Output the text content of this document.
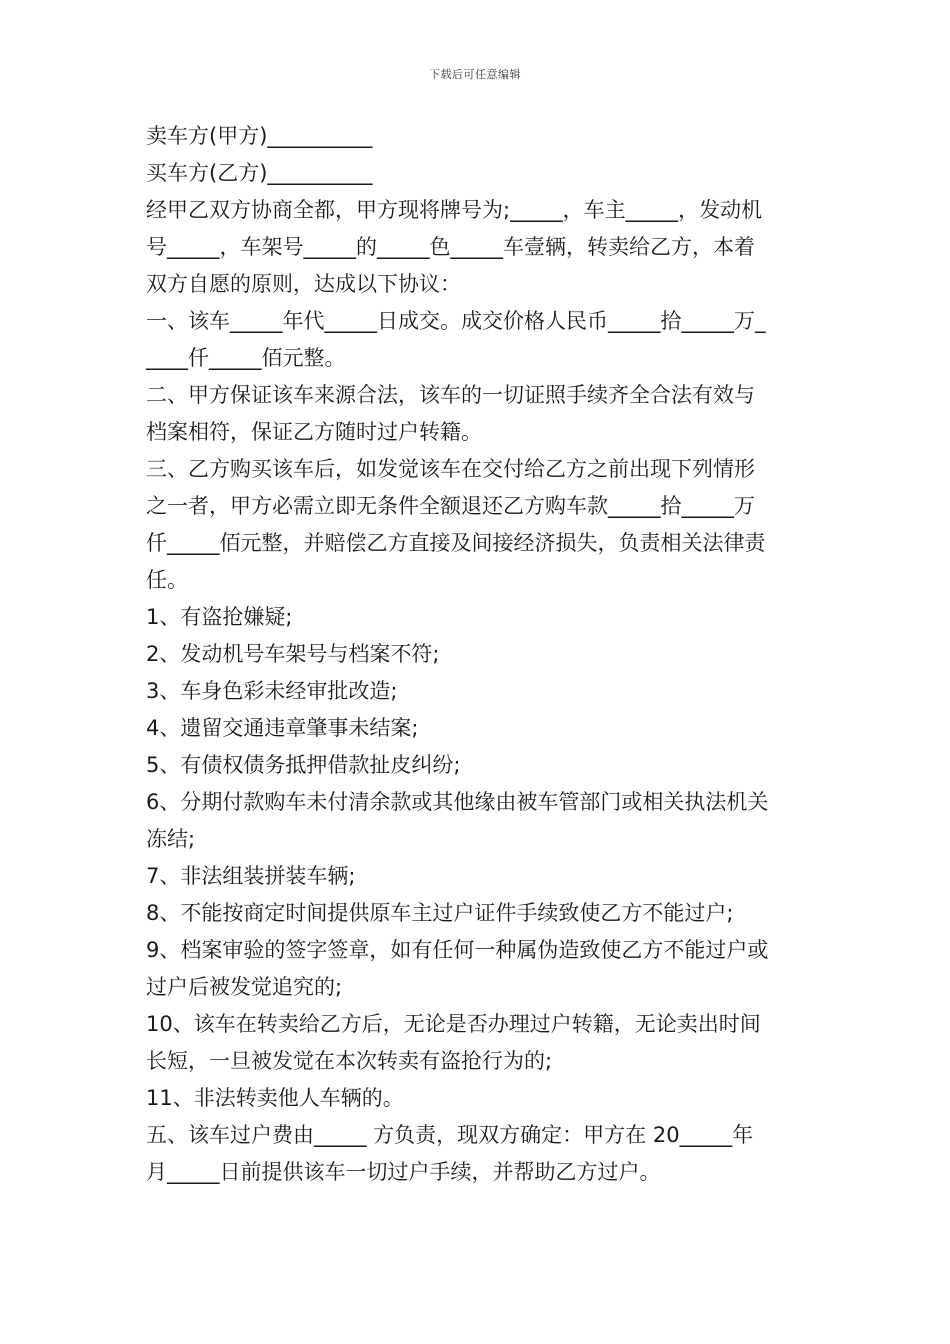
下载后可任意编辑

卖车方(甲方)__________

买车方(乙方)__________

经甲乙双方协商全都，甲方现将牌号为;_____，车主_____，发动机

号_____，车架号_____的_____色_____车壹辆，转卖给乙方，本着

双方自愿的原则，达成以下协议：

一、该车_____年代_____日成交。成交价格人民币_____拾_____万_

____仟_____佰元整。

二、甲方保证该车来源合法，该车的一切证照手续齐全合法有效与

档案相符，保证乙方随时过户转籍。

三、乙方购买该车后，如发觉该车在交付给乙方之前出现下列情形

之一者，甲方必需立即无条件全额退还乙方购车款_____拾_____万

仟_____佰元整，并赔偿乙方直接及间接经济损失，负责相关法律责

任。

1、有盗抢嫌疑;

2、发动机号车架号与档案不符;

3、车身色彩未经审批改造;

4、遗留交通违章肇事未结案;

5、有债权债务抵押借款扯皮纠纷;

6、分期付款购车未付清余款或其他缘由被车管部门或相关执法机关

冻结;

7、非法组装拼装车辆;

8、不能按商定时间提供原车主过户证件手续致使乙方不能过户;

9、档案审验的签字签章，如有任何一种属伪造致使乙方不能过户或

过户后被发觉追究的;

10、该车在转卖给乙方后，无论是否办理过户转籍，无论卖出时间

长短，一旦被发觉在本次转卖有盗抢行为的;

11、非法转卖他人车辆的。

五、该车过户费由_____ 方负责，现双方确定：甲方在 20_____年

月_____日前提供该车一切过户手续，并帮助乙方过户。
